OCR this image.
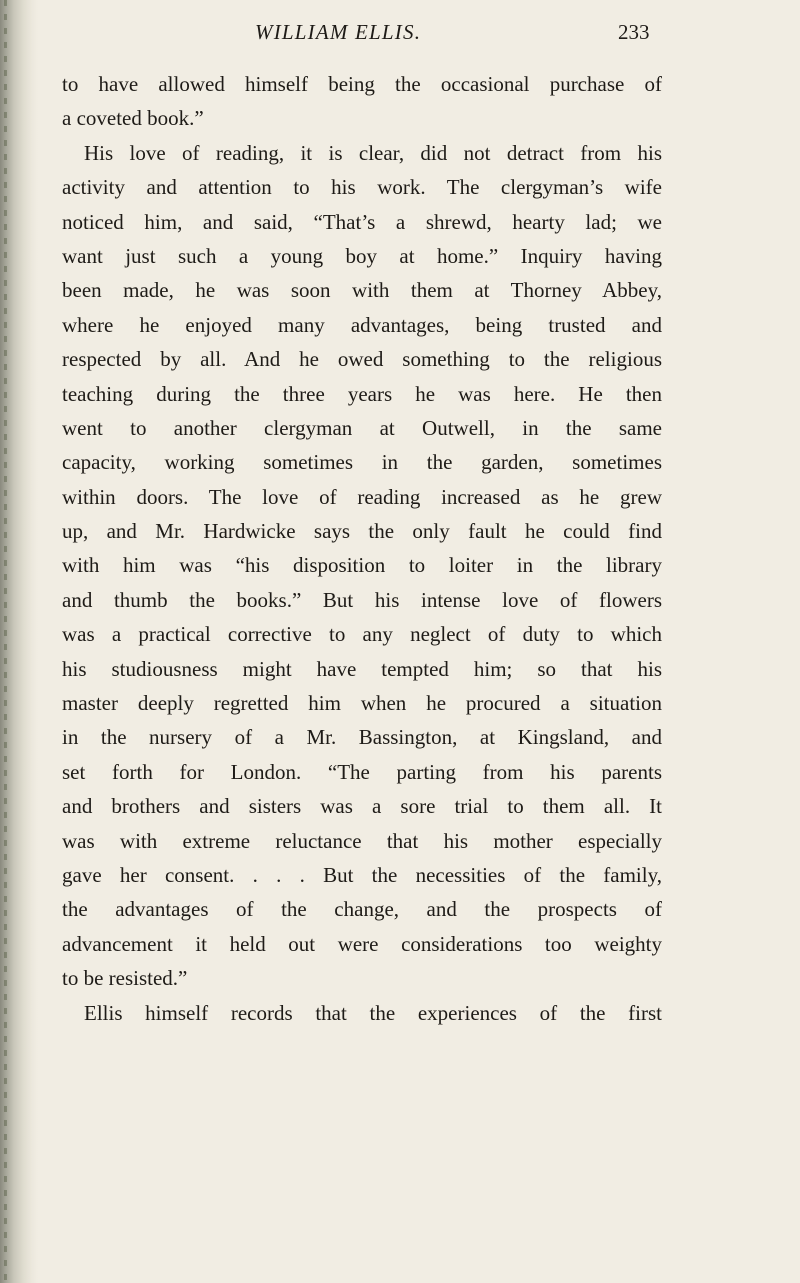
WILLIAM ELLIS.	233
to have allowed himself being the occasional purchase of
a coveted book.”
His love of reading, it is clear, did not detract from his
activity and attention to his work. The clergyman’s wife
noticed him, and said, “That’s a shrewd, hearty lad; we
want just such a young boy at home.” Inquiry having
been made, he was soon with them at Thorney Abbey,
where he enjoyed many advantages, being trusted and
respected by all. And he owed something to the religious
teaching during the three years he was here. He then
went to another clergyman at Outwell, in the same
capacity, working sometimes in the garden, sometimes
within doors. The love of reading increased as he grew
up, and Mr. Hardwicke says the only fault he could find
with him was “his disposition to loiter in the library
and thumb the books.” But his intense love of flowers
was a practical corrective to any neglect of duty to which
his studiousness might have tempted him; so that his
master deeply regretted him when he procured a situation
in the nursery of a Mr. Bassington, at Kingsland, and
set forth for London. “The parting from his parents
and brothers and sisters was a sore trial to them all. It
was with extreme reluctance that his mother especially
gave her consent. . . . But the necessities of the family,
the advantages of the change, and the prospects of
advancement it held out were considerations too weighty
to be resisted.”
Ellis himself records that the experiences of the first
